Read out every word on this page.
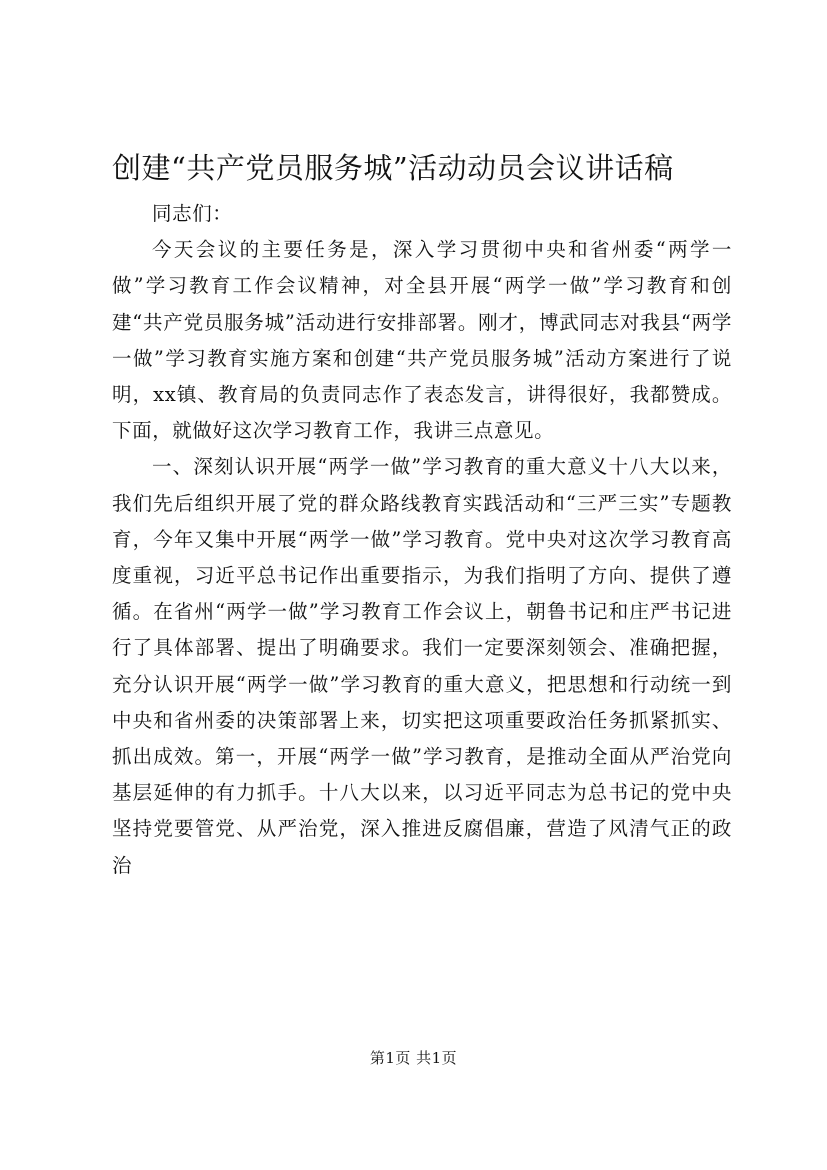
创建“共产党员服务城”活动动员会议讲话稿

同志们：

今天会议的主要任务是，深入学习贯彻中央和省州委“两学一做”学习教育工作会议精神，对全县开展“两学一做”学习教育和创建“共产党员服务城”活动进行安排部署。刚才，博武同志对我县“两学一做”学习教育实施方案和创建“共产党员服务城”活动方案进行了说明，xx镇、教育局的负责同志作了表态发言，讲得很好，我都赞成。下面，就做好这次学习教育工作，我讲三点意见。

一、深刻认识开展“两学一做”学习教育的重大意义十八大以来，我们先后组织开展了党的群众路线教育实践活动和“三严三实”专题教育，今年又集中开展“两学一做”学习教育。党中央对这次学习教育高度重视，习近平总书记作出重要指示，为我们指明了方向、提供了遵循。在省州“两学一做”学习教育工作会议上，朝鲁书记和庄严书记进行了具体部署、提出了明确要求。我们一定要深刻领会、准确把握，充分认识开展“两学一做”学习教育的重大意义，把思想和行动统一到中央和省州委的决策部署上来，切实把这项重要政治任务抓紧抓实、抓出成效。第一，开展“两学一做”学习教育，是推动全面从严治党向基层延伸的有力抓手。十八大以来，以习近平同志为总书记的党中央坚持党要管党、从严治党，深入推进反腐倡廉，营造了风清气正的政治

第1页 共1页
